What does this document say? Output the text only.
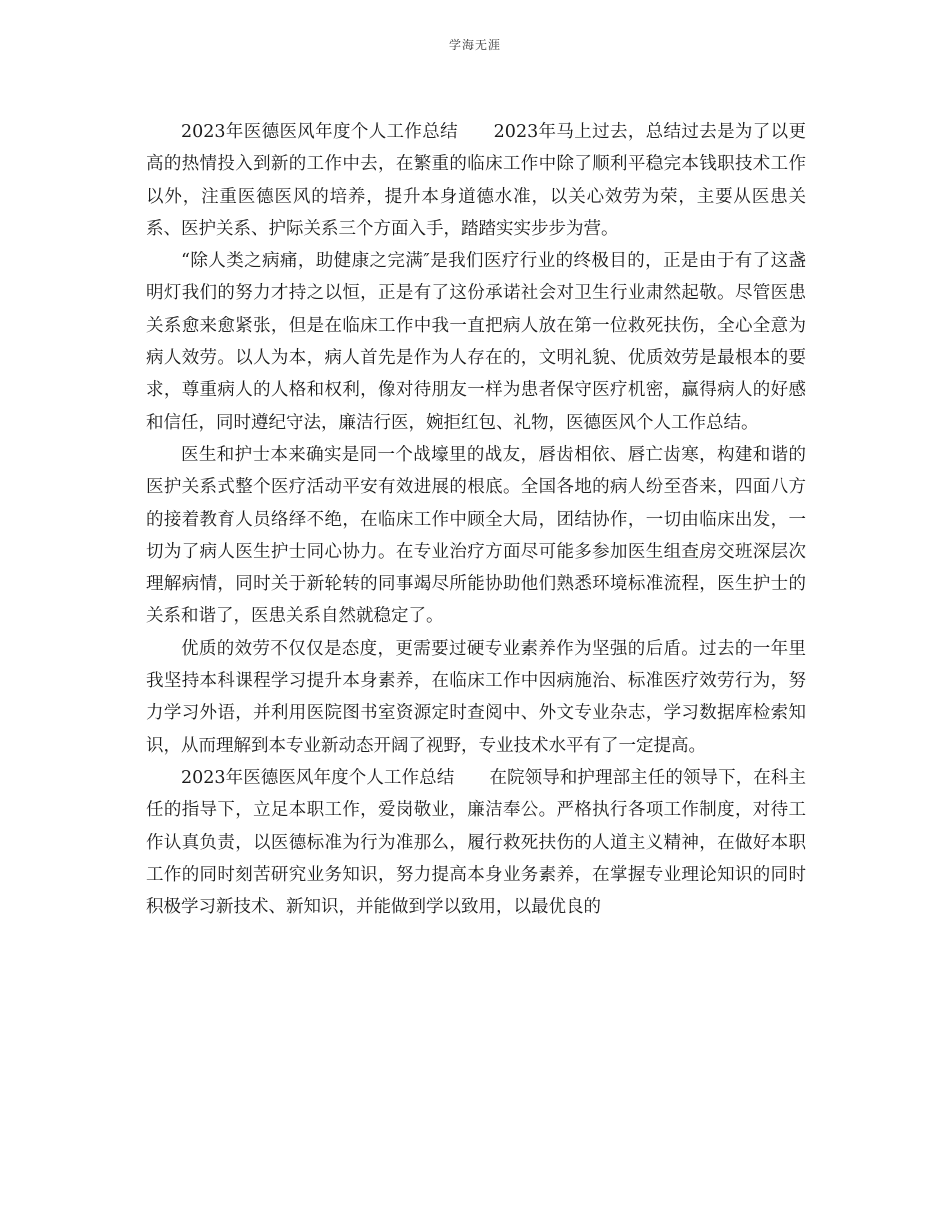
学海无涯

2023年医德医风年度个人工作总结　　2023年马上过去，总结过去是为了以更高的热情投入到新的工作中去，在繁重的临床工作中除了顺利平稳完本钱职技术工作以外，注重医德医风的培养，提升本身道德水准，以关心效劳为荣，主要从医患关系、医护关系、护际关系三个方面入手，踏踏实实步步为营。

“除人类之病痛，助健康之完满″是我们医疗行业的终极目的，正是由于有了这盏明灯我们的努力才持之以恒，正是有了这份承诺社会对卫生行业肃然起敬。尽管医患关系愈来愈紧张，但是在临床工作中我一直把病人放在第一位救死扶伤，全心全意为病人效劳。以人为本，病人首先是作为人存在的，文明礼貌、优质效劳是最根本的要求，尊重病人的人格和权利，像对待朋友一样为患者保守医疗机密，赢得病人的好感和信任，同时遵纪守法，廉洁行医，婉拒红包、礼物，医德医风个人工作总结。

医生和护士本来确实是同一个战壕里的战友，唇齿相依、唇亡齿寒，构建和谐的医护关系式整个医疗活动平安有效进展的根底。全国各地的病人纷至沓来，四面八方的接着教育人员络绎不绝，在临床工作中顾全大局，团结协作，一切由临床出发，一切为了病人医生护士同心协力。在专业治疗方面尽可能多参加医生组查房交班深层次理解病情，同时关于新轮转的同事竭尽所能协助他们熟悉环境标准流程，医生护士的关系和谐了，医患关系自然就稳定了。

优质的效劳不仅仅是态度，更需要过硬专业素养作为坚强的后盾。过去的一年里我坚持本科课程学习提升本身素养，在临床工作中因病施治、标准医疗效劳行为，努力学习外语，并利用医院图书室资源定时查阅中、外文专业杂志，学习数据库检索知识，从而理解到本专业新动态开阔了视野，专业技术水平有了一定提高。

2023年医德医风年度个人工作总结　　在院领导和护理部主任的领导下，在科主任的指导下，立足本职工作，爱岗敬业，廉洁奉公。严格执行各项工作制度，对待工作认真负责，以医德标准为行为准那么，履行救死扶伤的人道主义精神，在做好本职工作的同时刻苦研究业务知识，努力提高本身业务素养，在掌握专业理论知识的同时积极学习新技术、新知识，并能做到学以致用，以最优良的
